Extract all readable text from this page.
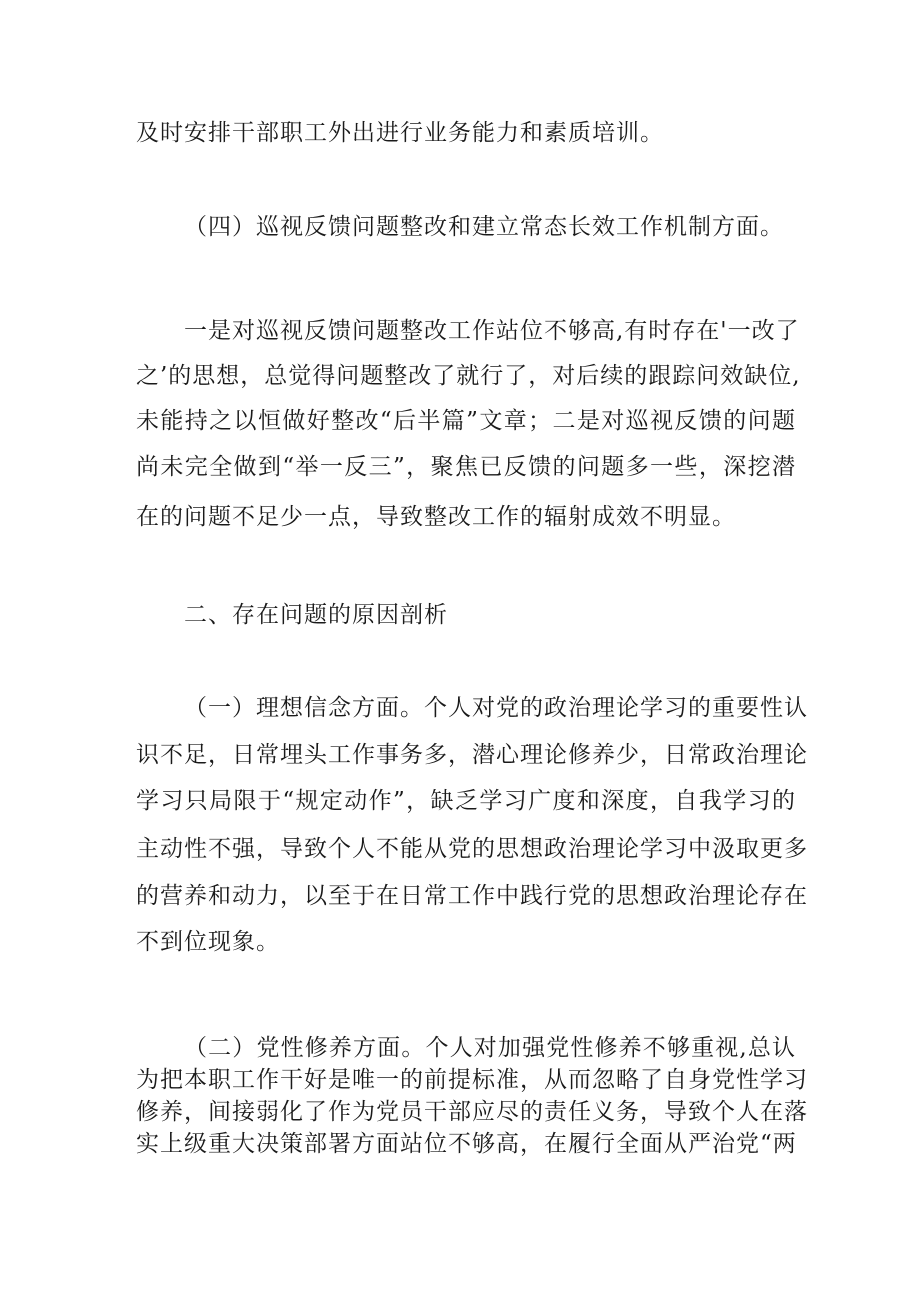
及时安排干部职工外出进行业务能力和素质培训。
（四）巡视反馈问题整改和建立常态长效工作机制方面。
一是对巡视反馈问题整改工作站位不够高,有时存在'一改了
之’的思想，总觉得问题整改了就行了，对后续的跟踪问效缺位,
未能持之以恒做好整改“后半篇”文章；二是对巡视反馈的问题
尚未完全做到“举一反三”，聚焦已反馈的问题多一些，深挖潜
在的问题不足少一点，导致整改工作的辐射成效不明显。
二、存在问题的原因剖析
（一）理想信念方面。个人对党的政治理论学习的重要性认
识不足，日常埋头工作事务多，潜心理论修养少，日常政治理论
学习只局限于“规定动作”，缺乏学习广度和深度，自我学习的
主动性不强，导致个人不能从党的思想政治理论学习中汲取更多
的营养和动力，以至于在日常工作中践行党的思想政治理论存在
不到位现象。
（二）党性修养方面。个人对加强党性修养不够重视,总认
为把本职工作干好是唯一的前提标准，从而忽略了自身党性学习
修养，间接弱化了作为党员干部应尽的责任义务，导致个人在落
实上级重大决策部署方面站位不够高，在履行全面从严治党“两
